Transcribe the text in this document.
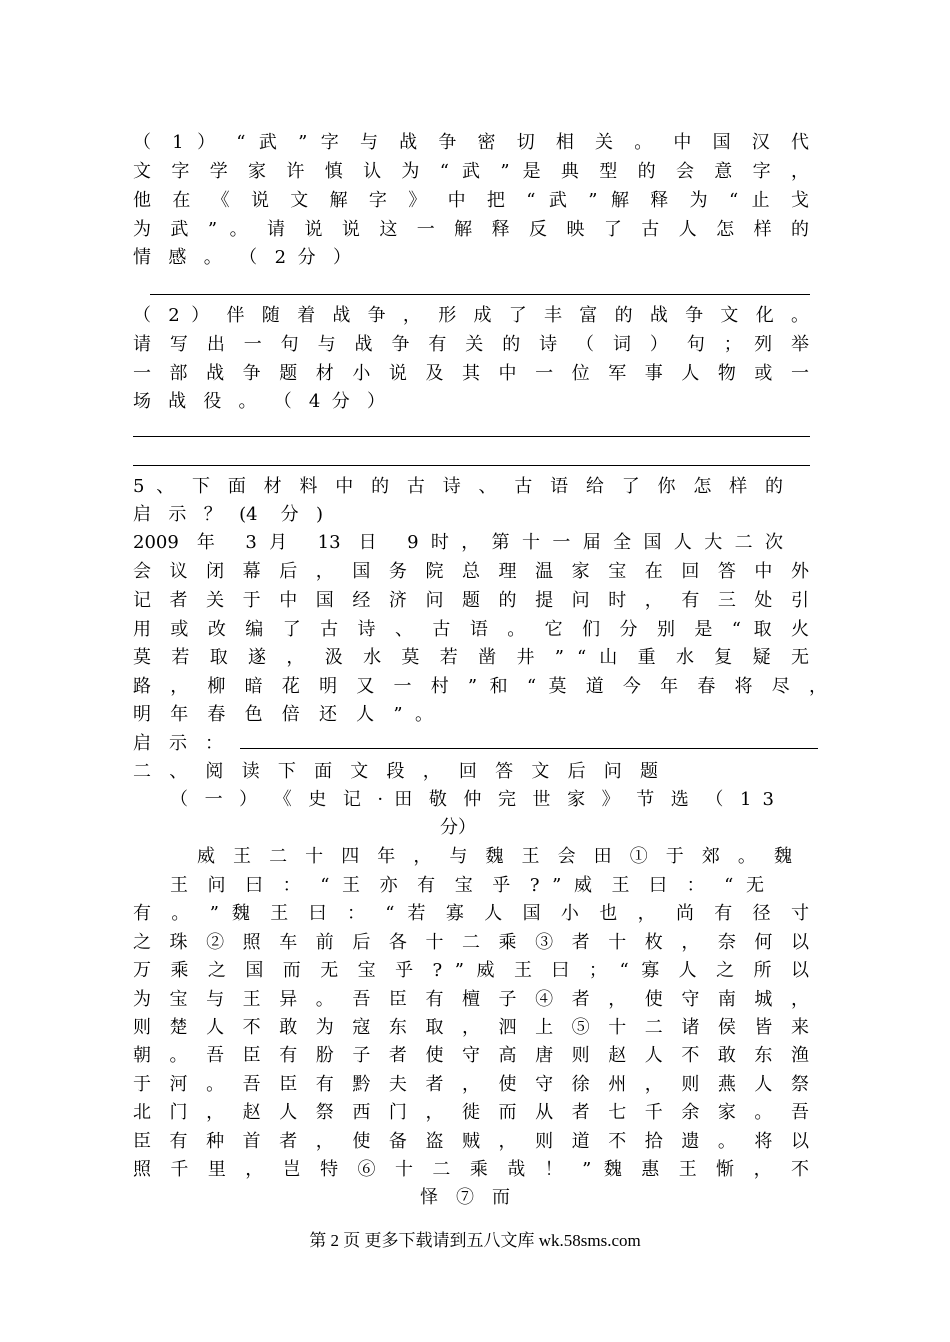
（ 1 ） “ 武 ” 字 与 战 争 密 切 相 关 。 中 国 汉 代
文 字 学 家 许 慎 认 为 “ 武 ” 是 典 型 的 会 意 字 ，
他 在 《 说 文 解 字 》 中 把 “ 武 ” 解 释 为 “ 止 戈
为 武 ” 。 请 说 说 这 一 解 释 反 映 了 古 人 怎 样 的
情 感 。 （ 2 分 ）
（ 2 ） 伴 随 着 战 争 ， 形 成 了 丰 富 的 战 争 文 化 。
请 写 出 一 句 与 战 争 有 关 的 诗 （ 词 ） 句 ； 列 举
一 部 战 争 题 材 小 说 及 其 中 一 位 军 事 人 物 或 一
场 战 役 。 （ 4 分 ）
5 、 下 面 材 料 中 的 古 诗 、 古 语 给 了 你 怎 样 的
启示？(4 分)
2009 年 3月 13 日 9时，第十一届全国人大二次
会 议 闭 幕 后 ， 国 务 院 总 理 温 家 宝 在 回 答 中 外
记 者 关 于 中 国 经 济 问 题 的 提 问 时 ， 有 三 处 引
用 或 改 编 了 古 诗 、 古 语 。 它 们 分 别 是 “ 取 火
莫 若 取 遂 ， 汲 水 莫 若 凿 井 ” “ 山 重 水 复 疑 无
路 ， 柳 暗 花 明 又 一 村 ” 和 “ 莫 道 今 年 春 将 尽 ，
明 年 春 色 倍 还 人 ” 。
启 示 ：
二 、 阅 读 下 面 文 段 ， 回 答 文 后 问 题
（ 一 ） 《 史 记 · 田 敬 仲 完 世 家 》 节 选 （ 1 3
分）
威 王 二 十 四 年 ， 与 魏 王 会 田 ① 于 郊 。 魏
王 问 曰 ： “ 王 亦 有 宝 乎 ? ” 威 王 曰 ： “ 无
有 。 ” 魏 王 曰 ： “ 若 寡 人 国 小 也 ， 尚 有 径 寸
之 珠 ② 照 车 前 后 各 十 二 乘 ③ 者 十 枚 ， 奈 何 以
万 乘 之 国 而 无 宝 乎 ? ” 威 王 曰 ； “ 寡 人 之 所 以
为 宝 与 王 异 。 吾 臣 有 檀 子 ④ 者 ， 使 守 南 城 ，
则 楚 人 不 敢 为 寇 东 取 ， 泗 上 ⑤ 十 二 诸 侯 皆 来
朝 。 吾 臣 有 肦 子 者 使 守 高 唐 则 赵 人 不 敢 东 渔
于 河 。 吾 臣 有 黔 夫 者 ， 使 守 徐 州 ， 则 燕 人 祭
北 门 ， 赵 人 祭 西 门 ， 徙 而 从 者 七 千 余 家 。 吾
臣 有 种 首 者 ， 使 备 盗 贼 ， 则 道 不 拾 遗 。 将 以
照 千 里 ， 岂 特 ⑥ 十 二 乘 哉 ！ ” 魏 惠 王 惭 ， 不
怿 ⑦ 而
第 2 页 更多下载请到五八文库 wk.58sms.com
